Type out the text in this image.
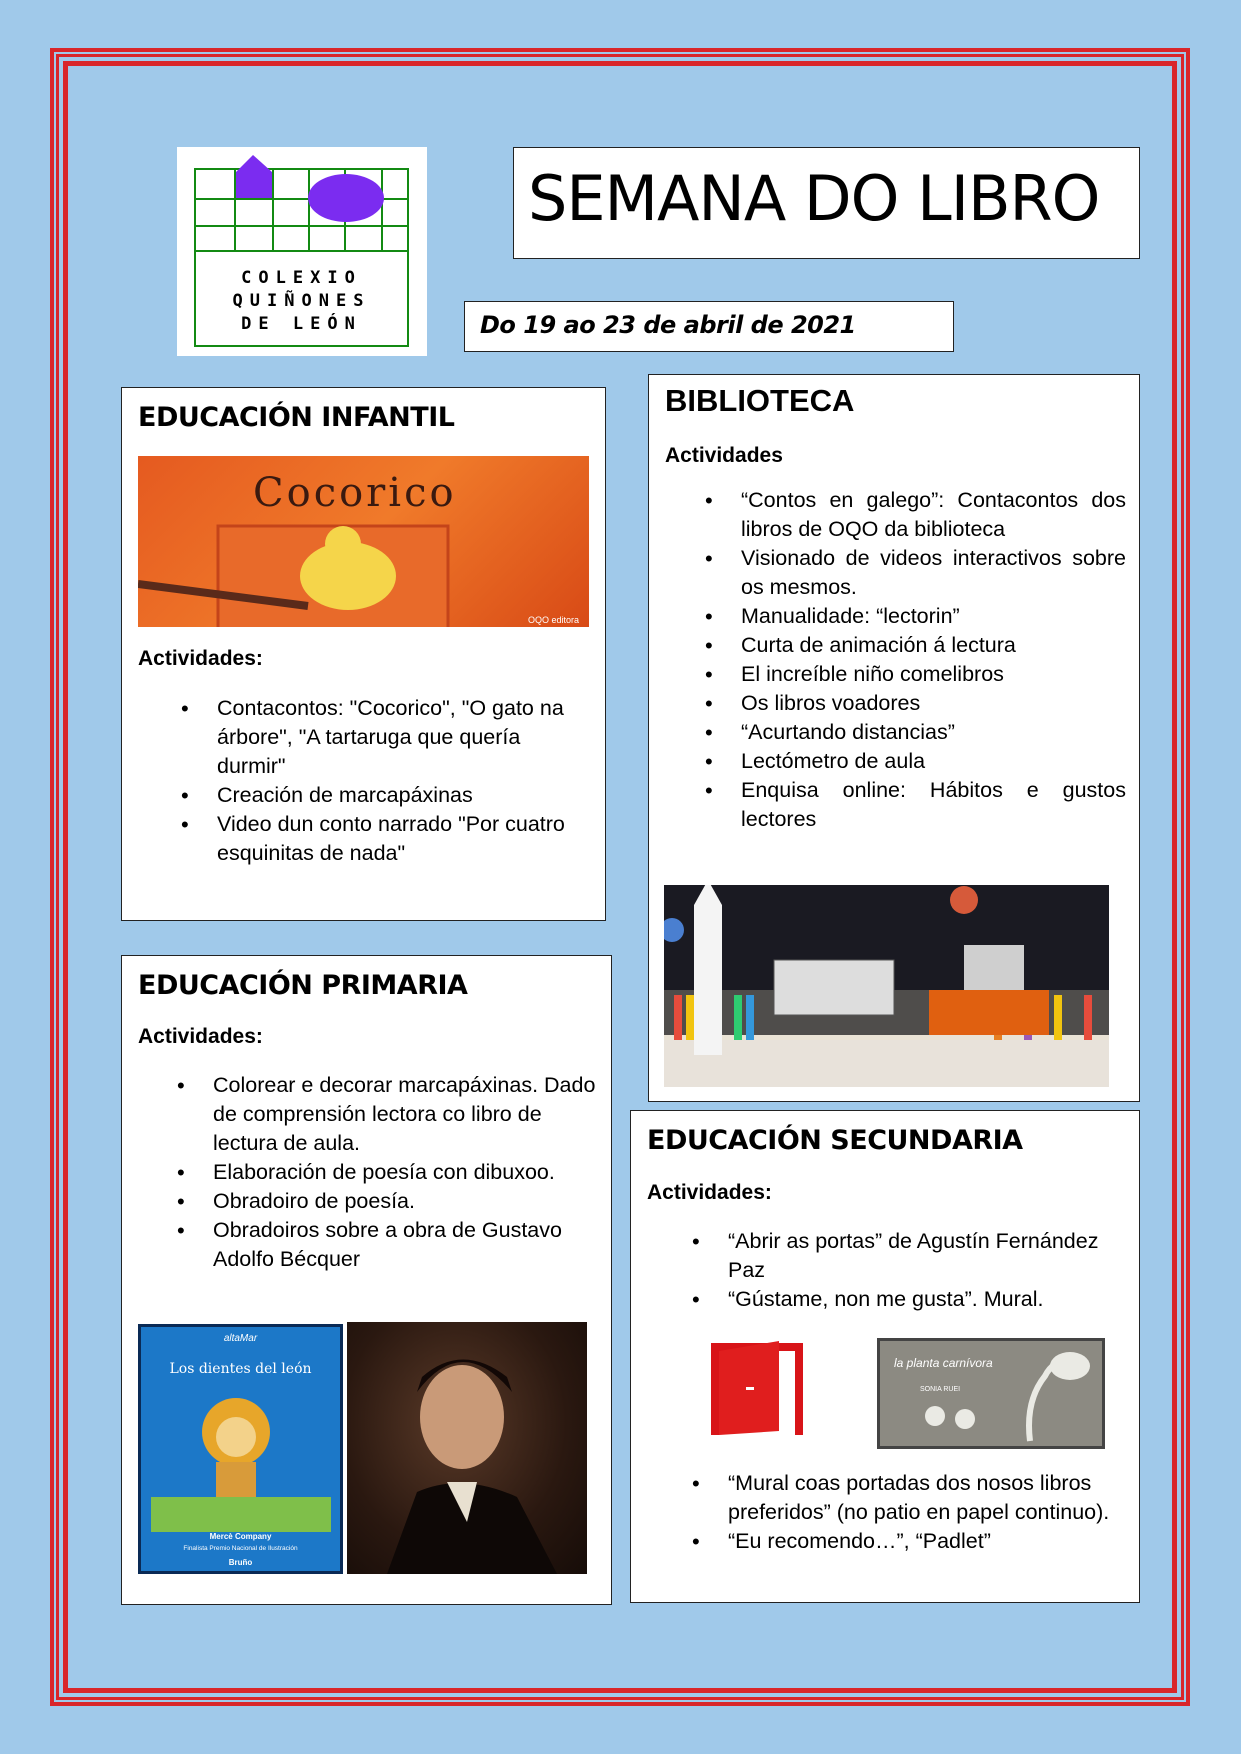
COLEXIO
QUIÑONES
DE LEÓN
SEMANA DO LIBRO
Do 19 ao 23 de abril de 2021
EDUCACIÓN INFANTIL
Cocorico
OQO editora

Actividades:

• Contacontos: "Cocorico", "O gato na árbore", "A tartaruga que quería durmir"
• Creación de marcapáxinas
• Video dun conto narrado "Por cuatro esquinitas de nada"
BIBLIOTECA

Actividades

• “Contos en galego”: Contacontos dos libros de OQO da biblioteca
• Visionado de videos interactivos sobre os mesmos.
• Manualidade: “lectorin”
• Curta de animación á lectura
• El increíble niño comelibros
• Os libros voadores
• “Acurtando distancias”
• Lectómetro de aula
• Enquisa online: Hábitos e gustos lectores
EDUCACIÓN PRIMARIA

Actividades:

• Colorear e decorar marcapáxinas. Dado de comprensión lectora co libro de lectura de aula.
• Elaboración de poesía con dibuxoo.
• Obradoiro de poesía.
• Obradoiros sobre a obra de Gustavo Adolfo Bécquer
altaMar
Los dientes del león
Mercè Company
Finalista Premio Nacional de Ilustración
Bruño
EDUCACIÓN SECUNDARIA

Actividades:

• “Abrir as portas” de Agustín Fernández Paz
• “Gústame, non me gusta”. Mural.
la planta carnívora
SONIA RUEI
• “Mural coas portadas dos nosos libros preferidos” (no patio en papel continuo).
• “Eu recomendo…”, “Padlet”
